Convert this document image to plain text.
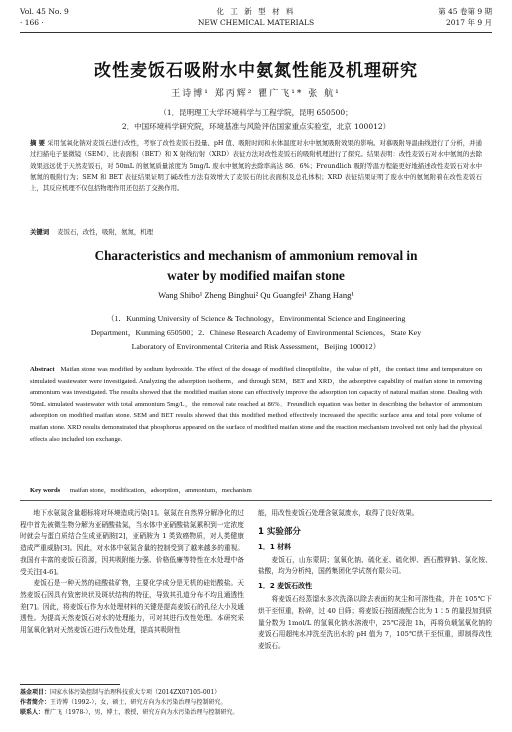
Vol. 45 No. 9
· 166 ·
化 工 新 型 材 料
NEW CHEMICAL MATERIALS
第 45 卷第 9 期
2017 年 9 月
改性麦饭石吸附水中氨氮性能及机理研究
王诗博¹ 郑丙辉² 瞿广飞¹* 张 航¹
（1．昆明理工大学环境科学与工程学院，昆明 650500；
2．中国环境科学研究院，环境基准与风险评估国家重点实验室，北京 100012）
摘 要 采用氢氧化钠对麦饭石进行改性，考察了改性麦饭石投量、pH 值、吸附时间和水体温度对水中氨氮吸附效果的影响。对慕吸附导温曲线进行了分析，并通过扫描电子显微镜（SEM）、比表面积（BET）和 X 射线衍射（XRD）表征方法对改性麦饭石的吸附机理进行了探究。结果表明：改性麦饭石对水中氨氮的去除效果远远优于天然麦饭石，对 50mL 的氨氮质量浓度为 5mg/L 废水中氨氮的去除率高达 86．6%；Freundlich 吸附等温方程能更好地描述改性麦饭石对水中氨氮的吸附行为；SEM 和 BET 表征结果证明了碱改性方法有效增大了麦饭石的比表面积及总孔体积；XRD 表征结果证明了废水中的氨氮附着在改性麦饭石上，其反应机理不仅包括物理作用还包括了交换作用。
关键词 麦饭石，改性，吸附，氨氮，机理
Characteristics and mechanism of ammonium removal in
water by modified maifan stone
Wang Shibo¹ Zheng Binghui² Qu Guangfei¹ Zhang Hang¹
（1．Kunming University of Science & Technology，Environmental Science and Engineering
Department，Kunming 650500；2．Chinese Research Academy of Environmental Sciences，State Key
Laboratory of Environmental Criteria and Risk Assessment，Beijing 100012）
Abstract Maifan stone was modified by sodium hydroxide. The effect of the dosage of modified clinoptilolite，the value of pH，the contact time and temperature on simulated wastewater were investigated. Analyzing the adsorption isotherm，and through SEM，BET and XRD，the adsorptive capability of maifan stone in removing ammonium was investigated. The results showed that the modified maifan stone can effectively improve the adsorption ion capacity of natural maifan stone. Dealing with 50mL simulated wastewater with total ammonium 5mg/L，the removal rate reached at 86%．Freundlich equation was better in describing the behavior of ammonium adsorption on modified maifan stone. SEM and BET results showed that this modified method effectively increased the specific surface area and total pore volume of maifan stone. XRD results demonstrated that phosphorus appeared on the surface of modified maifan stone and the reaction mechanism involved not only had the physical effects also included ion exchange.
Key words maifan stone，modification，adsorption，ammonium，mechanism

地下水氨氮含量超标将对环境造成污染[1]。氨氮在自然界分解净化的过程中首先被微生物分解为亚硝酸盐氮，当水体中亚硝酸盐氮累积到一定浓度时就会与蛋白质结合生成亚硝胺[2]，亚硝胺为 1 类致癌物质，对人类健康造成严重威胁[3]。因此，对水体中氨氮含量的控制受到了越来越多的重视。我国有丰富的麦饭石资源，因其吸附能力强、价格低廉等特性在水处理中备受关注[4-6]。

麦饭石是一种天然的硅酸盐矿物，主要化学成分是无机的硅铝酸盐。天然麦饭石因具有致密块状及斑状结构的特征，导致其孔道分布不均且通透性差[7]。因此，将麦饭石作为水处理材料的关键是提高麦饭石的孔径大小及通透性。为提高天然麦饭石对水的处理能力，可对其进行改性处理。本研究采用氢氧化钠对天然麦饭石进行改性处理，提高其吸附性

能，用改性麦饭石处理含氨氮废水，取得了良好效果。

1 实验部分
1．1 材料

麦饭石，山东蒙阴；氢氧化钠、硫化亚、硫化钾、酒石酸钾钠、氯化铵、盐酸，均为分析纯，国药集团化学试剂有限公司。

1．2 麦饭石改性

将麦饭石经蒸馏水多次洗涤以除去表面的灰尘和可溶性盐，并在 105℃下烘干至恒重，粉碎，过 40 目筛；将麦饭石按固液配合比为 1∶5 的量投加到质量分数为 1mol/L 的氢氧化钠水溶液中，25℃浸泡 1h，再将负载氢氧化钠的麦饭石用超纯水冲洗至洗出水的 pH 值为 7，105℃烘干至恒重，即制得改性麦饭石。

基金项目：国家水体污染控制与治理科技重大专项（2014ZX07105-001）
作者简介：王诗博（1992-），女，硕士，研究方向为水污染治理与控制研究。
联系人：瞿广飞（1978-），男，博士，教授，研究方向为水污染治理与控制研究。
